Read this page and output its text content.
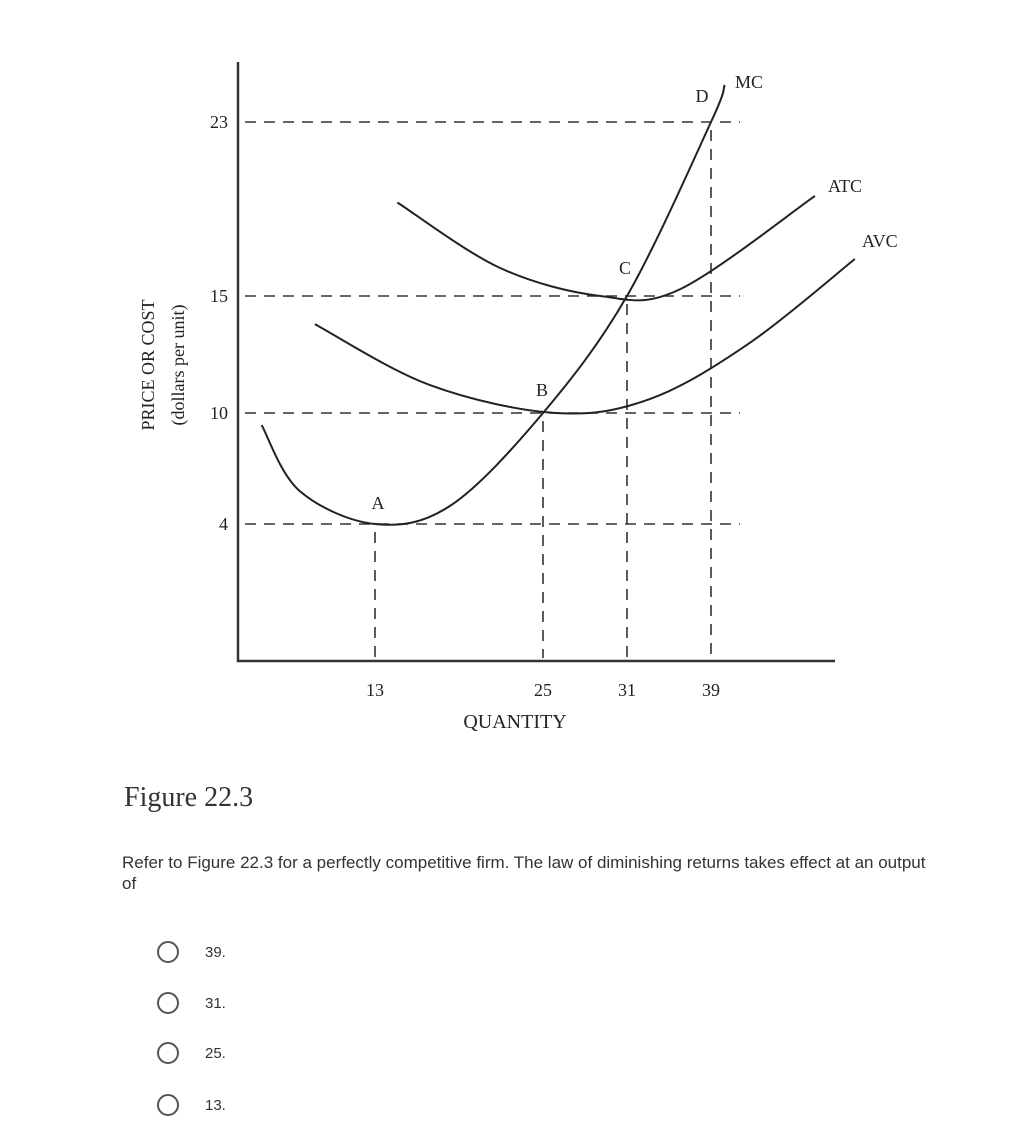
13	25	31	39
4
10
15
23
A
B
C
D
MC
AVC
ATC
QUANTITY
PRICE OR COST (dollars per unit)
Figure 22.3
Refer to Figure 22.3 for a perfectly competitive firm. The law of diminishing returns takes effect at an output of
39.
31.
25.
13.
